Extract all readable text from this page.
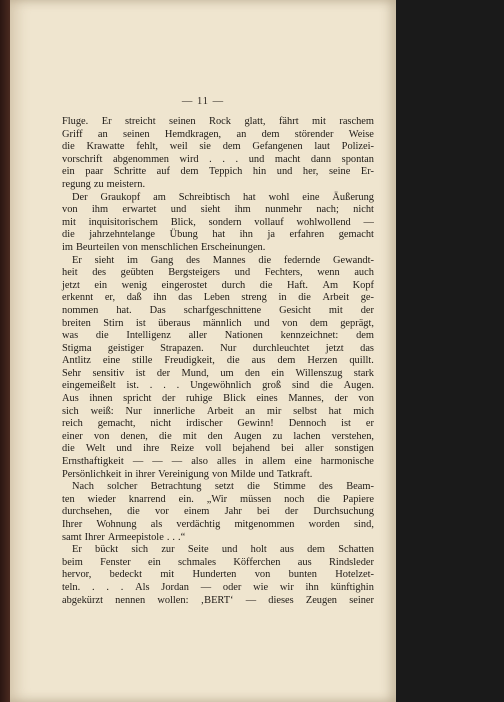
— 11 —
Fluge. Er streicht seinen Rock glatt, fährt mit raschem
Griff an seinen Hemdkragen, an dem störender Weise
die Krawatte fehlt, weil sie dem Gefangenen laut Polizei-
vorschrift abgenommen wird . . . und macht dann spontan
ein paar Schritte auf dem Teppich hin und her, seine Er-
regung zu meistern.
Der Graukopf am Schreibtisch hat wohl eine Äußerung
von ihm erwartet und sieht ihm nunmehr nach; nicht
mit inquisitorischem Blick, sondern vollauf wohlwollend —
die jahrzehntelange Übung hat ihn ja erfahren gemacht
im Beurteilen von menschlichen Erscheinungen.
Er sieht im Gang des Mannes die federnde Gewandt-
heit des geübten Bergsteigers und Fechters, wenn auch
jetzt ein wenig eingerostet durch die Haft. Am Kopf
erkennt er, daß ihn das Leben streng in die Arbeit ge-
nommen hat. Das scharfgeschnittene Gesicht mit der
breiten Stirn ist überaus männlich und von dem geprägt,
was die Intelligenz aller Nationen kennzeichnet: dem
Stigma geistiger Strapazen. Nur durchleuchtet jetzt das
Antlitz eine stille Freudigkeit, die aus dem Herzen quillt.
Sehr sensitiv ist der Mund, um den ein Willenszug stark
eingemeißelt ist. . . . Ungewöhnlich groß sind die Augen.
Aus ihnen spricht der ruhige Blick eines Mannes, der von
sich weiß: Nur innerliche Arbeit an mir selbst hat mich
reich gemacht, nicht irdischer Gewinn! Dennoch ist er
einer von denen, die mit den Augen zu lachen verstehen,
die Welt und ihre Reize voll bejahend bei aller sonstigen
Ernsthaftigkeit — — — also alles in allem eine harmonische
Persönlichkeit in ihrer Vereinigung von Milde und Tatkraft.
Nach solcher Betrachtung setzt die Stimme des Beam-
ten wieder knarrend ein. „Wir müssen noch die Papiere
durchsehen, die vor einem Jahr bei der Durchsuchung
Ihrer Wohnung als verdächtig mitgenommen worden sind,
samt Ihrer Armeepistole . . .“
Er bückt sich zur Seite und holt aus dem Schatten
beim Fenster ein schmales Köfferchen aus Rindsleder
hervor, bedeckt mit Hunderten von bunten Hotelzet-
teln. . . . Als Jordan — oder wie wir ihn künftighin
abgekürzt nennen wollen: ‚BERT‘ — dieses Zeugen seiner
